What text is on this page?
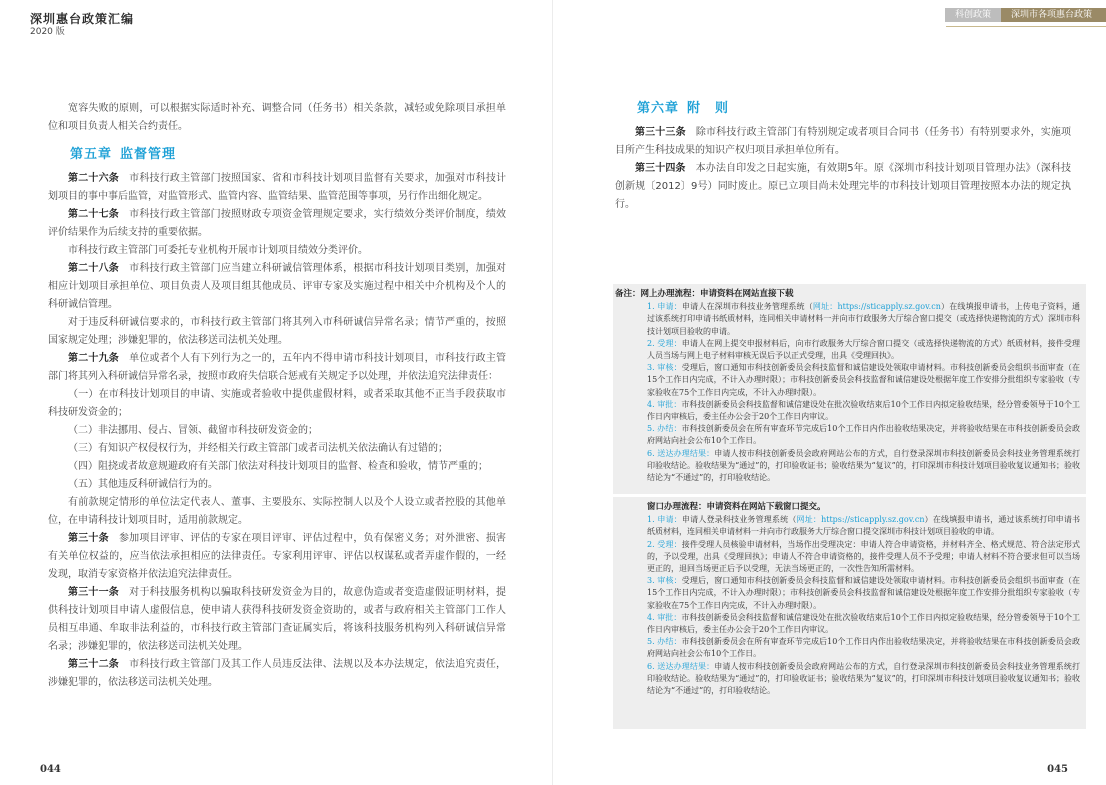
深圳惠台政策汇编
2020 版

宽容失败的原则，可以根据实际适时补充、调整合同（任务书）相关条款，减轻或免除项目承担单位和项目负责人相关合约责任。

第五章 监督管理

第二十六条　 市科技行政主管部门按照国家、省和市科技计划项目监督有关要求，加强对市科技计划项目的事中事后监管，对监管形式、监管内容、监管结果、监管范围等事项，另行作出细化规定。

第二十七条　 市科技行政主管部门按照财政专项资金管理规定要求，实行绩效分类评价制度，绩效评价结果作为后续支持的重要依据。

市科技行政主管部门可委托专业机构开展市计划项目绩效分类评价。

第二十八条　 市科技行政主管部门应当建立科研诚信管理体系，根据市科技计划项目类别，加强对相应计划项目承担单位、项目负责人及项目组其他成员、评审专家及实施过程中相关中介机构及个人的科研诚信管理。

对于违反科研诚信要求的，市科技行政主管部门将其列入市科研诚信异常名录；情节严重的，按照国家规定处理；涉嫌犯罪的，依法移送司法机关处理。

第二十九条　 单位或者个人有下列行为之一的，五年内不得申请市科技计划项目，市科技行政主管部门将其列入科研诚信异常名录，按照市政府失信联合惩戒有关规定予以处理，并依法追究法律责任：

（一）在市科技计划项目的申请、实施或者验收中提供虚假材料，或者采取其他不正当手段获取市科技研发资金的；

（二）非法挪用、侵占、冒领、截留市科技研发资金的；

（三）有知识产权侵权行为，并经相关行政主管部门或者司法机关依法确认有过错的；

（四）阻挠或者故意规避政府有关部门依法对科技计划项目的监督、检查和验收，情节严重的；

（五）其他违反科研诚信行为的。

有前款规定情形的单位法定代表人、董事、主要股东、实际控制人以及个人设立或者控股的其他单位，在申请科技计划项目时，适用前款规定。

第三十条　 参加项目评审、评估的专家在项目评审、评估过程中，负有保密义务；对外泄密、损害有关单位权益的，应当依法承担相应的法律责任。专家利用评审、评估以权谋私或者弄虚作假的，一经发现，取消专家资格并依法追究法律责任。

第三十一条　 对于科技服务机构以骗取科技研发资金为目的，故意伪造或者变造虚假证明材料，提供科技计划项目申请人虚假信息，使申请人获得科技研发资金资助的，或者与政府相关主管部门工作人员相互串通、牟取非法利益的，市科技行政主管部门查证属实后，将该科技服务机构列入科研诚信异常名录；涉嫌犯罪的，依法移送司法机关处理。

第三十二条　 市科技行政主管部门及其工作人员违反法律、法规以及本办法规定，依法追究责任，涉嫌犯罪的，依法移送司法机关处理。

044
科创政策	深圳市各项惠台政策
第六章 附　则

第三十三条　 除市科技行政主管部门有特别规定或者项目合同书（任务书）有特别要求外，实施项目所产生科技成果的知识产权归项目承担单位所有。

第三十四条　 本办法自印发之日起实施，有效期5年。原《深圳市科技计划项目管理办法》（深科技创新规〔2012〕9号）同时废止。原已立项目尚未处理完毕的市科技计划项目管理按照本办法的规定执行。

备注：网上办理流程：申请资料在网站直接下载

1. 申请：申请人在深圳市科技业务管理系统（网址：https://sticapply.sz.gov.cn）在线填报申请书，上传电子资料，通过该系统打印申请书纸质材料，连同相关申请材料一并向市行政服务大厅综合窗口提交（或选择快递物流的方式）深圳市科技计划项目验收的申请。

2. 受理：申请人在网上提交申报材料后，向市行政服务大厅综合窗口提交（或选择快递物流的方式）纸质材料，接件受理人员当场与网上电子材料审核无误后予以正式受理，出具《受理回执》。

3. 审核：受理后，窗口通知市科技创新委员会科技监督和诚信建设处领取申请材料。市科技创新委员会组织书面审查（在15个工作日内完成，不计入办理时限）；市科技创新委员会科技监督和诚信建设处根据年度工作安排分批组织专家验收（专家验收在75个工作日内完成，不计入办理时限）。

4. 审批：市科技创新委员会科技监督和诚信建设处在批次验收结束后10个工作日内拟定验收结果，经分管委领导于10个工作日内审核后，委主任办公会于20个工作日内审议。

5. 办结：市科技创新委员会在所有审查环节完成后10个工作日内作出验收结果决定，并将验收结果在市科技创新委员会政府网站向社会公布10个工作日。

6. 送达办理结果：申请人按市科技创新委员会政府网站公布的方式，自行登录深圳市科技创新委员会科技业务管理系统打印验收结论。验收结果为“通过”的，打印验收证书；验收结果为“复议”的，打印深圳市科技计划项目验收复议通知书；验收结论为“不通过”的，打印验收结论。

窗口办理流程：申请资料在网站下载窗口提交。

1. 申请：申请人登录科技业务管理系统（网址：https://sticapply.sz.gov.cn）在线填报申请书，通过该系统打印申请书纸质材料，连同相关申请材料一并向市行政服务大厅综合窗口提交深圳市科技计划项目验收的申请。

2. 受理：接件受理人员核验申请材料，当场作出受理决定：申请人符合申请资格，并材料齐全、格式规范、符合法定形式的，予以受理，出具《受理回执》；申请人不符合申请资格的，接件受理人员不予受理；申请人材料不符合要求但可以当场更正的，退回当场更正后予以受理，无法当场更正的，一次性告知所需材料。

3. 审核：受理后，窗口通知市科技创新委员会科技监督和诚信建设处领取申请材料。市科技创新委员会组织书面审查（在15个工作日内完成，不计入办理时限）；市科技创新委员会科技监督和诚信建设处根据年度工作安排分批组织专家验收（专家验收在75个工作日内完成，不计入办理时限）。

4. 审批：市科技创新委员会科技监督和诚信建设处在批次验收结束后10个工作日内拟定验收结果，经分管委领导于10个工作日内审核后，委主任办公会于20个工作日内审议。

5. 办结：市科技创新委员会在所有审查环节完成后10个工作日内作出验收结果决定，并将验收结果在市科技创新委员会政府网站向社会公布10个工作日。

6. 送达办理结果：申请人按市科技创新委员会政府网站公布的方式，自行登录深圳市科技创新委员会科技业务管理系统打印验收结论。验收结果为“通过”的，打印验收证书；验收结果为“复议”的，打印深圳市科技计划项目验收复议通知书；验收结论为“不通过”的，打印验收结论。

045
